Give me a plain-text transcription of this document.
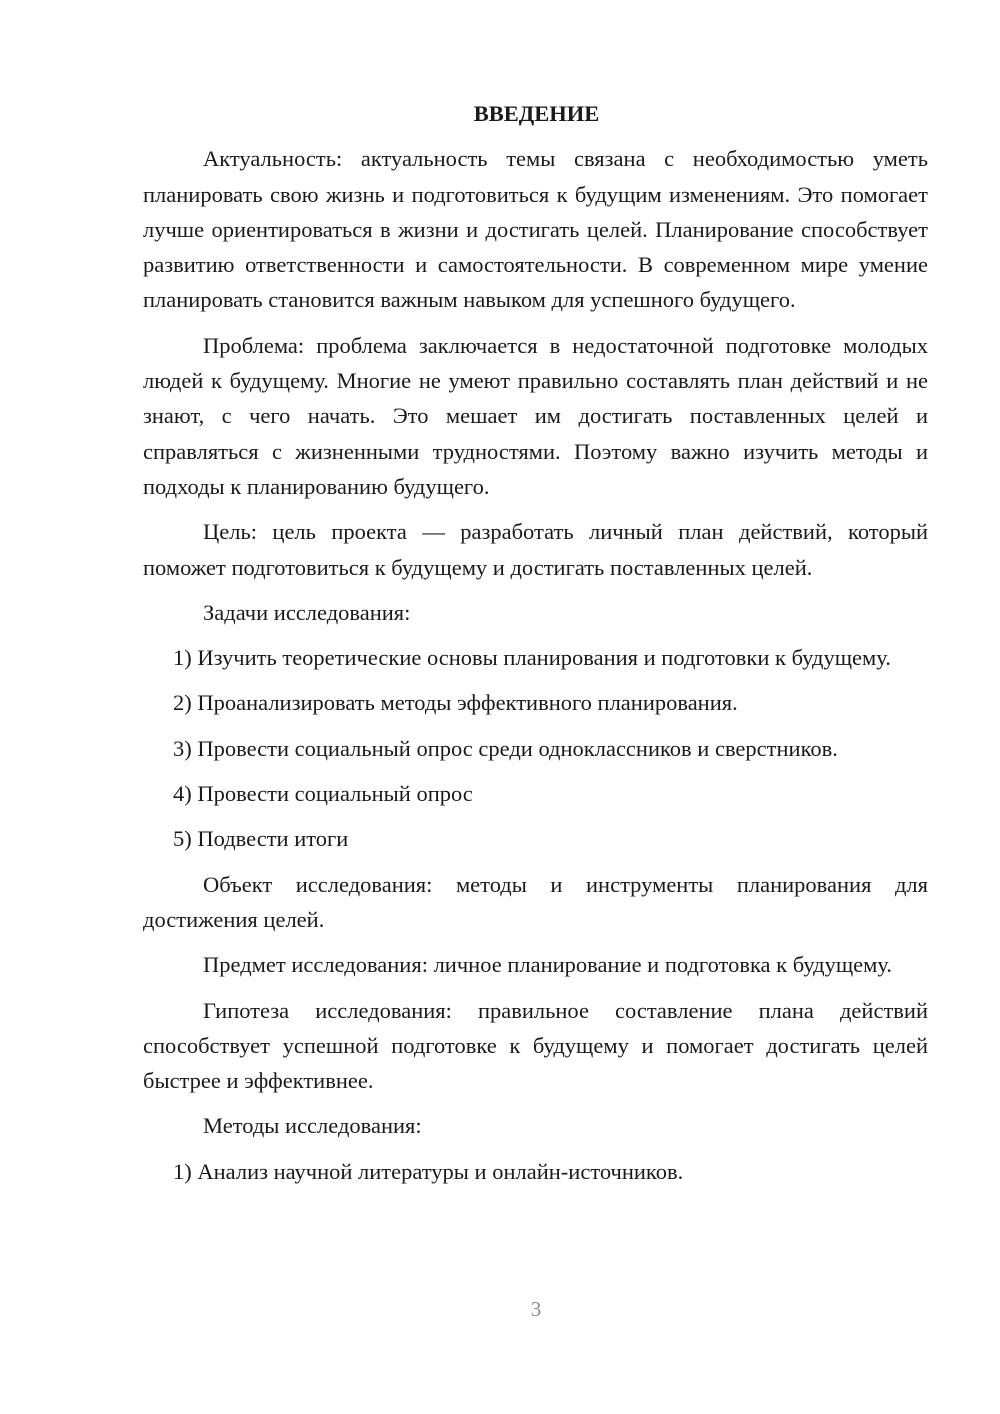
ВВЕДЕНИЕ
Актуальность: актуальность темы связана с необходимостью уметь планировать свою жизнь и подготовиться к будущим изменениям. Это помогает лучше ориентироваться в жизни и достигать целей. Планирование способствует развитию ответственности и самостоятельности. В современном мире умение планировать становится важным навыком для успешного будущего.
Проблема: проблема заключается в недостаточной подготовке молодых людей к будущему. Многие не умеют правильно составлять план действий и не знают, с чего начать. Это мешает им достигать поставленных целей и справляться с жизненными трудностями. Поэтому важно изучить методы и подходы к планированию будущего.
Цель: цель проекта — разработать личный план действий, который поможет подготовиться к будущему и достигать поставленных целей.
Задачи исследования:
1) Изучить теоретические основы планирования и подготовки к будущему.
2) Проанализировать методы эффективного планирования.
3) Провести социальный опрос среди одноклассников и сверстников.
4) Провести социальный опрос
5) Подвести итоги
Объект исследования: методы и инструменты планирования для достижения целей.
Предмет исследования: личное планирование и подготовка к будущему.
Гипотеза исследования: правильное составление плана действий способствует успешной подготовке к будущему и помогает достигать целей быстрее и эффективнее.
Методы исследования:
1) Анализ научной литературы и онлайн-источников.
3
